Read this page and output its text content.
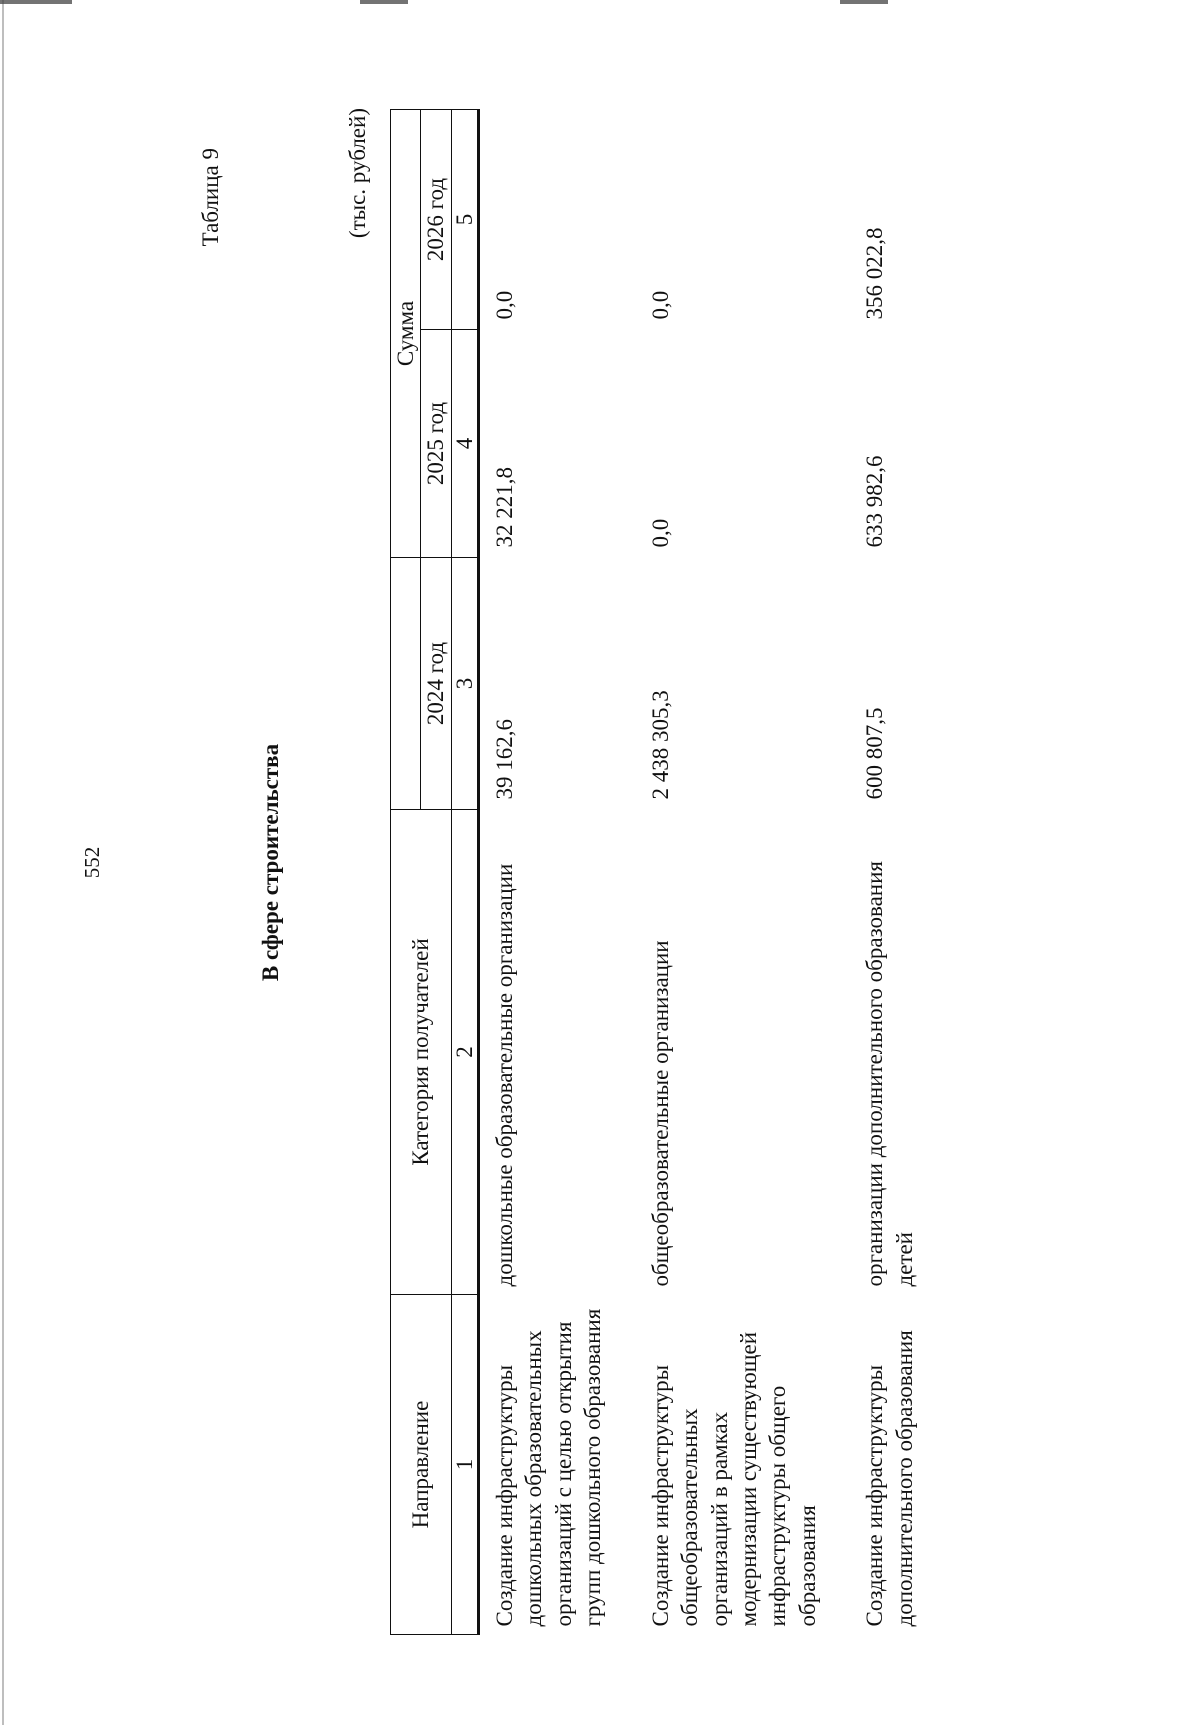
552
Таблица 9
В сфере строительства
(тыс. рублей)
Направление	Категория получателей		Сумма	
		2024 год	2025 год	2026 год
1	2	3	4	5
Создание инфраструктуры дошкольных образовательных организаций с целью открытия групп дошкольного образования	дошкольные образовательные организации	39 162,6	32 221,8	0,0
Создание инфраструктуры общеобразовательных организаций в рамках модернизации существующей инфраструктуры общего образования	общеобразовательные организации	2 438 305,3	0,0	0,0
Создание инфраструктуры дополнительного образования	организации дополнительного образования детей	600 807,5	633 982,6	356 022,8
